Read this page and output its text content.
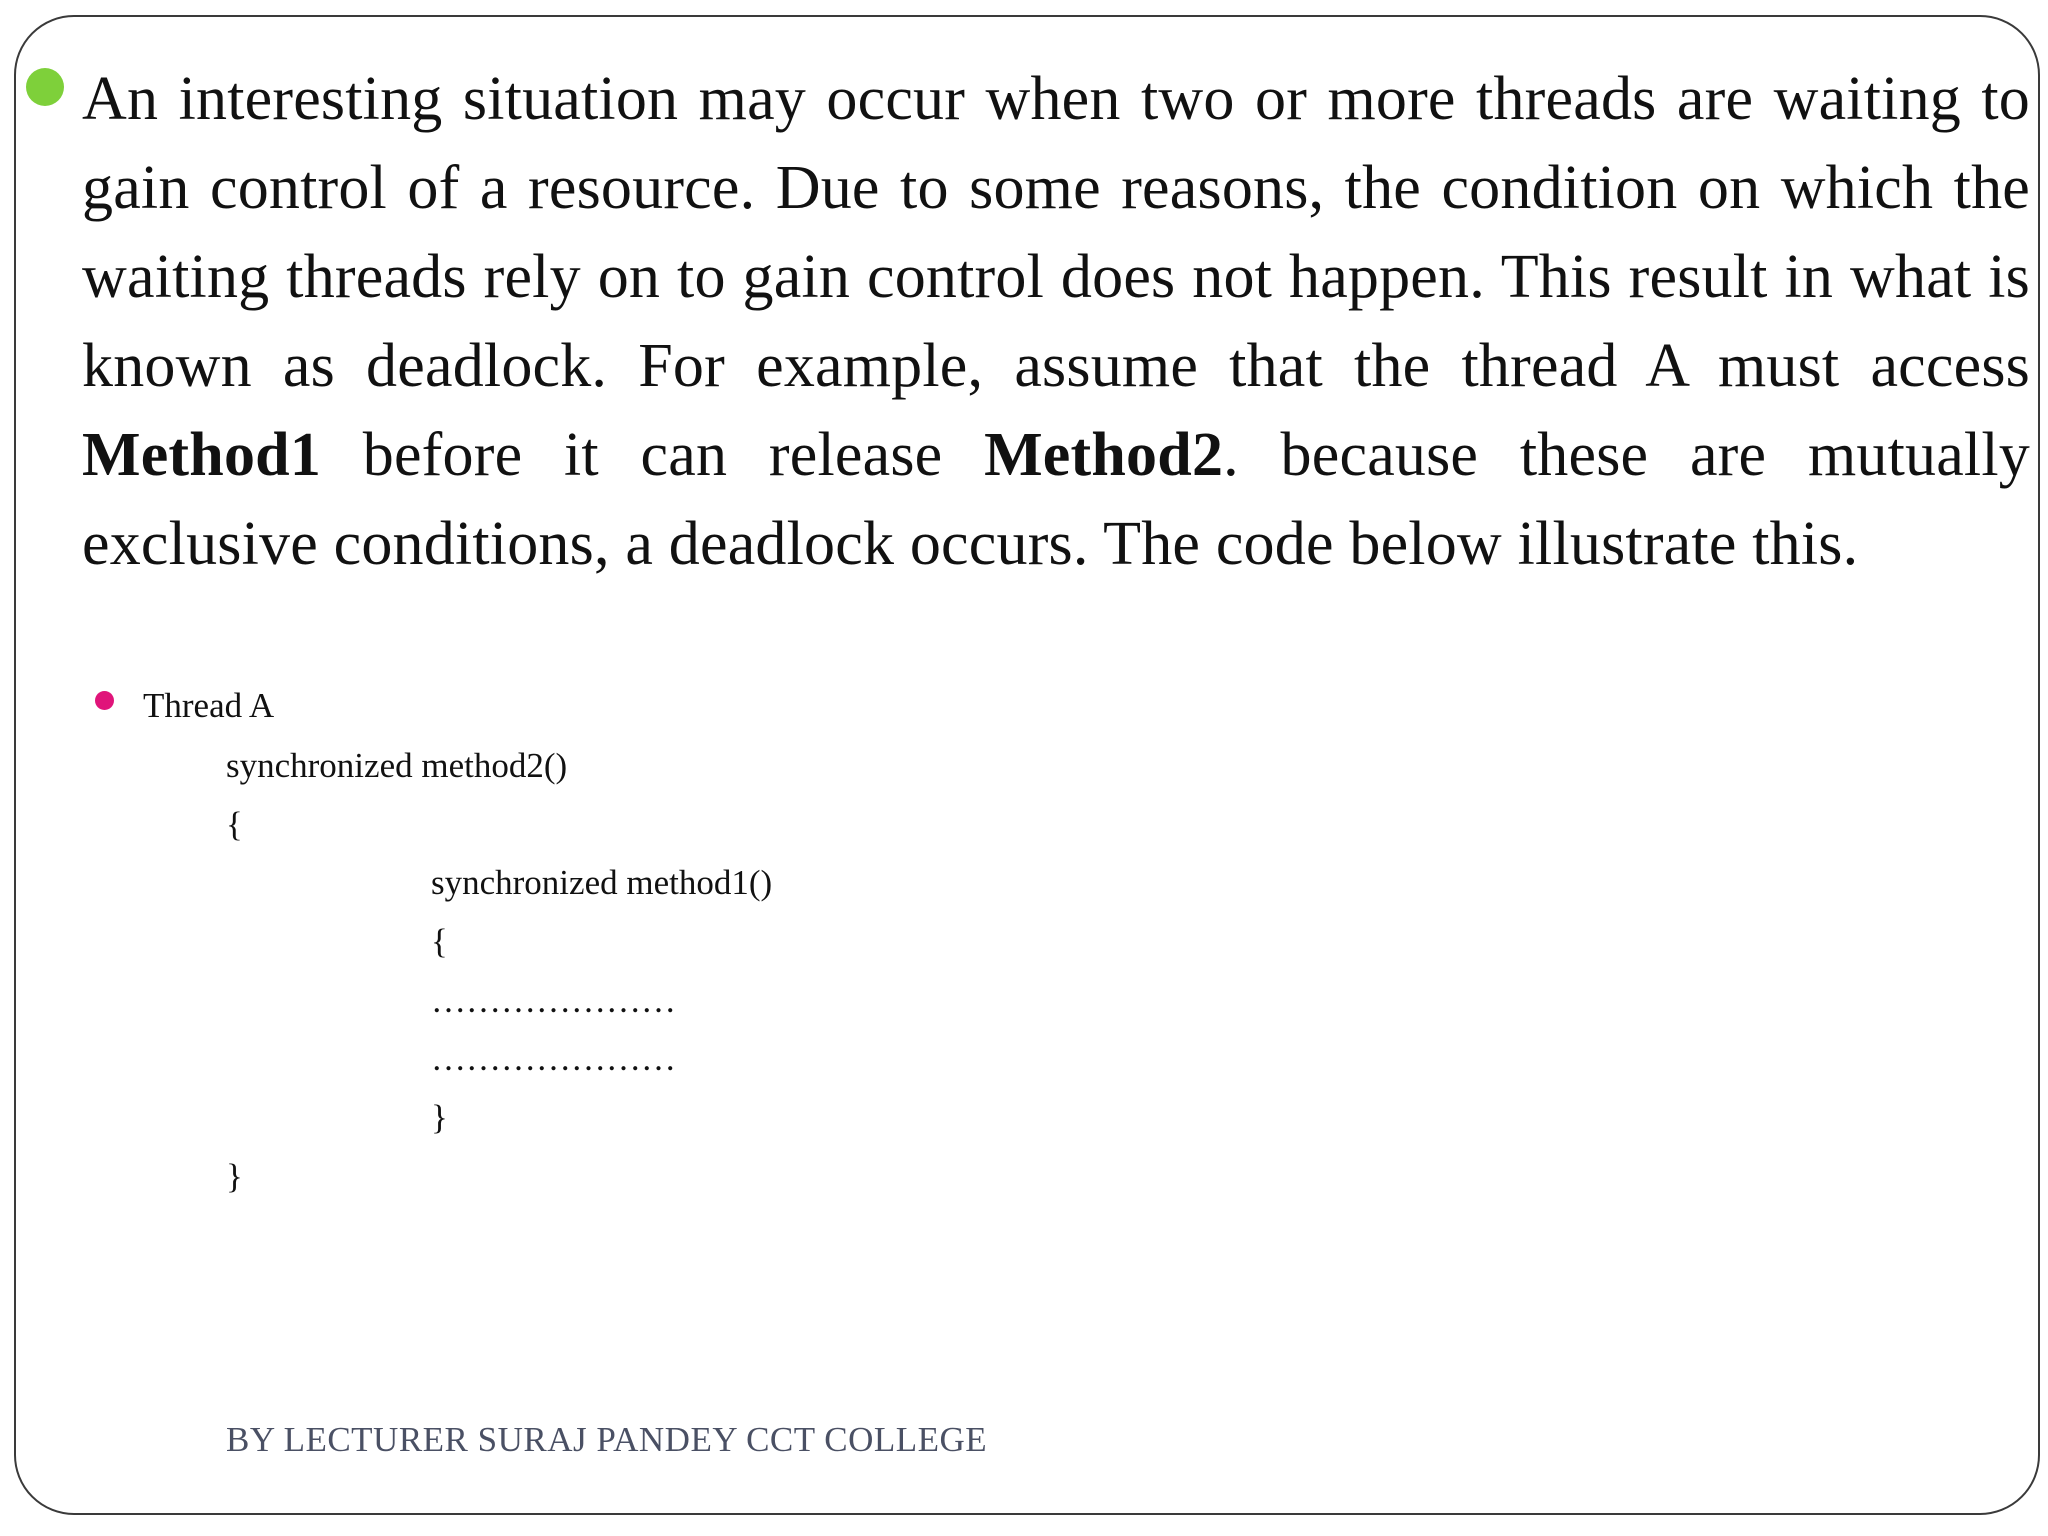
An interesting situation may occur when two or more threads are waiting to gain control of a resource. Due to some reasons, the condition on which the waiting threads rely on to gain control does not happen. This result in what is known as deadlock. For example, assume that the thread A must access Method1 before it can release Method2. because these are mutually exclusive conditions, a deadlock occurs. The code below illustrate this.

Thread A
synchronized method2()
{
synchronized method1()
{
…………………
…………………
}
}
BY LECTURER SURAJ PANDEY CCT COLLEGE
